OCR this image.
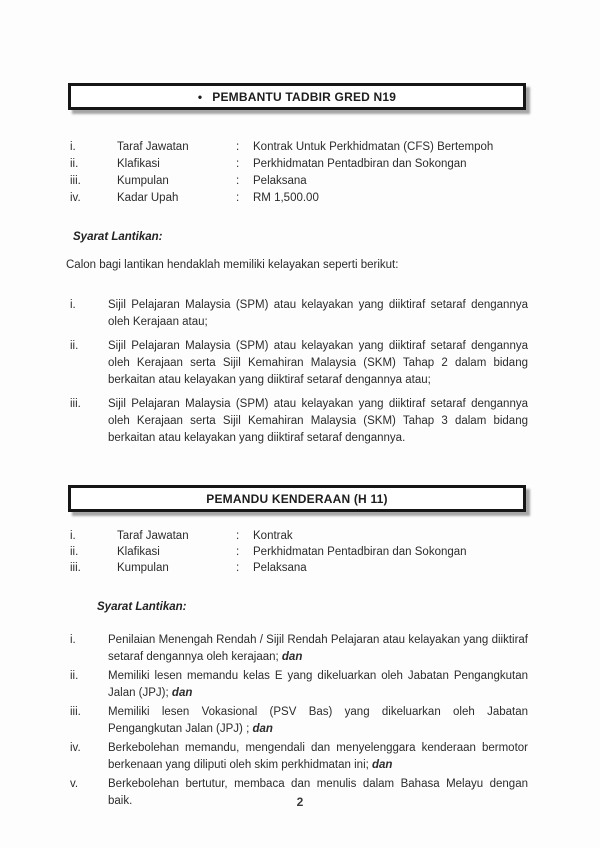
• PEMBANTU TADBIR GRED N19
i.	Taraf Jawatan	:	Kontrak Untuk Perkhidmatan (CFS) Bertempoh
ii.	Klafikasi	:	Perkhidmatan Pentadbiran dan Sokongan
iii.	Kumpulan	:	Pelaksana
iv.	Kadar Upah	:	RM 1,500.00
Syarat Lantikan:
Calon bagi lantikan hendaklah memiliki kelayakan seperti berikut:
i.	Sijil Pelajaran Malaysia (SPM) atau kelayakan yang diiktiraf setaraf dengannya oleh Kerajaan atau;
ii.	Sijil Pelajaran Malaysia (SPM) atau kelayakan yang diiktiraf setaraf dengannya oleh Kerajaan serta Sijil Kemahiran Malaysia (SKM) Tahap 2 dalam bidang berkaitan atau kelayakan yang diiktiraf setaraf dengannya atau;
iii.	Sijil Pelajaran Malaysia (SPM) atau kelayakan yang diiktiraf setaraf dengannya oleh Kerajaan serta Sijil Kemahiran Malaysia (SKM) Tahap 3 dalam bidang berkaitan atau kelayakan yang diiktiraf setaraf dengannya.
PEMANDU KENDERAAN (H 11)
i.	Taraf Jawatan	:	Kontrak
ii.	Klafikasi	:	Perkhidmatan Pentadbiran dan Sokongan
iii.	Kumpulan	:	Pelaksana
Syarat Lantikan:
i.	Penilaian Menengah Rendah / Sijil Rendah Pelajaran atau kelayakan yang diiktiraf setaraf dengannya oleh kerajaan; dan
ii.	Memiliki lesen memandu kelas E yang dikeluarkan oleh Jabatan Pengangkutan Jalan (JPJ); dan
iii.	Memiliki lesen Vokasional (PSV Bas) yang dikeluarkan oleh Jabatan Pengangkutan Jalan (JPJ) ; dan
iv.	Berkebolehan memandu, mengendali dan menyelenggara kenderaan bermotor berkenaan yang diliputi oleh skim perkhidmatan ini; dan
v.	Berkebolehan bertutur, membaca dan menulis dalam Bahasa Melayu dengan baik.	2
